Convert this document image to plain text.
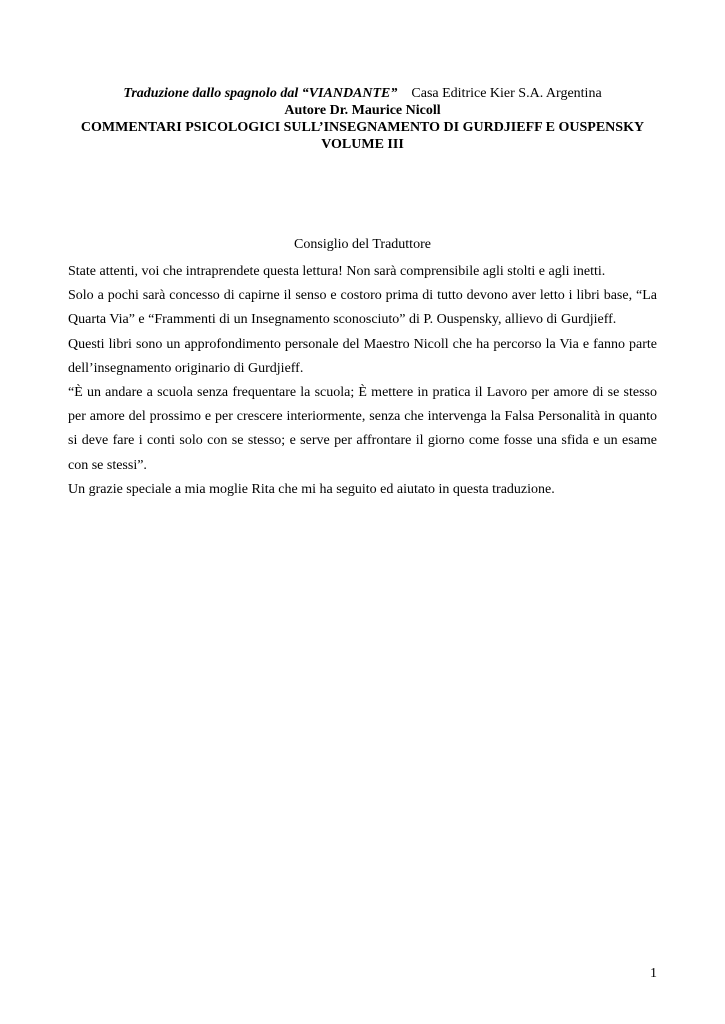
Traduzione dallo spagnolo dal “VIANDANTE” Casa Editrice Kier S.A. Argentina
Autore Dr. Maurice Nicoll
COMMENTARI PSICOLOGICI SULL’INSEGNAMENTO DI GURDJIEFF E OUSPENSKY
VOLUME III
Consiglio del Traduttore

State attenti, voi che intraprendete questa lettura! Non sarà comprensibile agli stolti e agli inetti.

Solo a pochi sarà concesso di capirne il senso e costoro prima di tutto devono aver letto i libri base, “La Quarta Via” e “Frammenti di un Insegnamento sconosciuto” di P. Ouspensky, allievo di Gurdjieff.

Questi libri sono un approfondimento personale del Maestro Nicoll che ha percorso la Via e fanno parte dell’insegnamento originario di Gurdjieff.

“È un andare a scuola senza frequentare la scuola; È mettere in pratica il Lavoro per amore di se stesso per amore del prossimo e per crescere interiormente, senza che intervenga la Falsa Personalità in quanto si deve fare i conti solo con se stesso; e serve per affrontare il giorno come fosse una sfida e un esame con se stessi”.

Un grazie speciale a mia moglie Rita che mi ha seguito ed aiutato in questa traduzione.

1
